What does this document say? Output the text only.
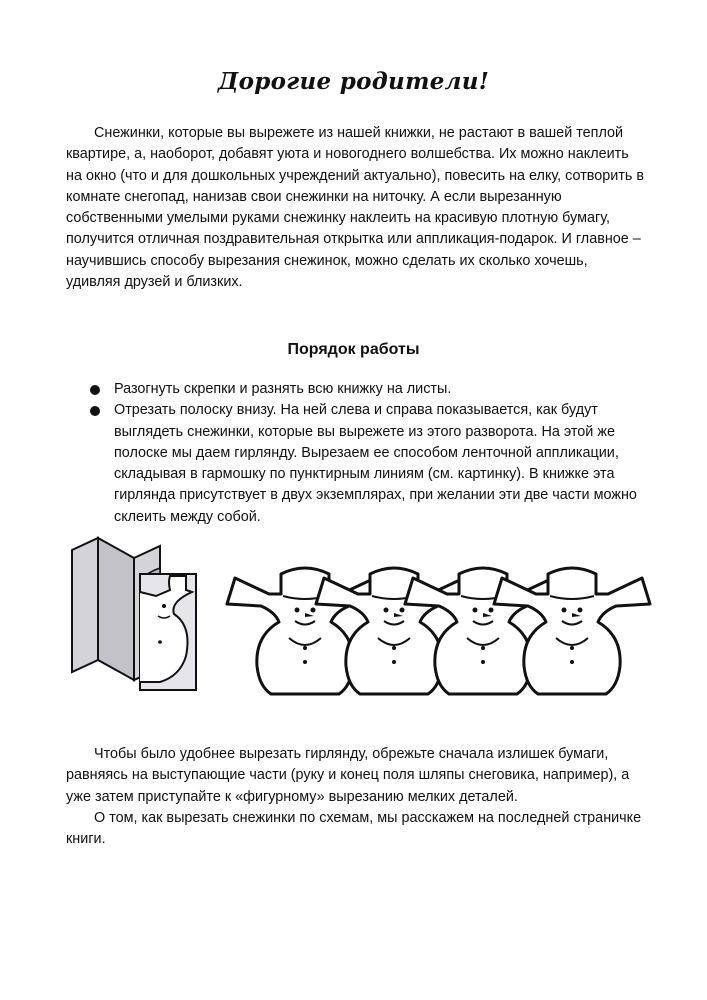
Дорогие родители!

Снежинки, которые вы вырежете из нашей книжки, не растают в вашей теплой квартире, а, наоборот, добавят уюта и новогоднего волшебства. Их можно наклеить на окно (что и для дошкольных учреждений актуально), повесить на елку, сотворить в комнате снегопад, нанизав свои снежинки на ниточку. А если вырезанную собственными умелыми руками снежинку наклеить на красивую плотную бумагу, получится отличная поздравительная открытка или аппликация-подарок. И главное – научившись способу вырезания снежинок, можно сделать их сколько хочешь, удивляя друзей и близких.

Порядок работы
Разогнуть скрепки и разнять всю книжку на листы.
Отрезать полоску внизу. На ней слева и справа показывается, как будут выглядеть снежинки, которые вы вырежете из этого разворота. На этой же полоске мы даем гирлянду. Вырезаем ее способом ленточной аппликации, складывая в гармошку по пунктирным линиям (см. картинку). В книжке эта гирлянда присутствует в двух экземплярах, при желании эти две части можно склеить между собой.

Чтобы было удобнее вырезать гирлянду, обрежьте сначала излишек бумаги, равняясь на выступающие части (руку и конец поля шляпы снеговика, например), а уже затем приступайте к «фигурному» вырезанию мелких деталей.

О том, как вырезать снежинки по схемам, мы расскажем на последней страничке книги.
